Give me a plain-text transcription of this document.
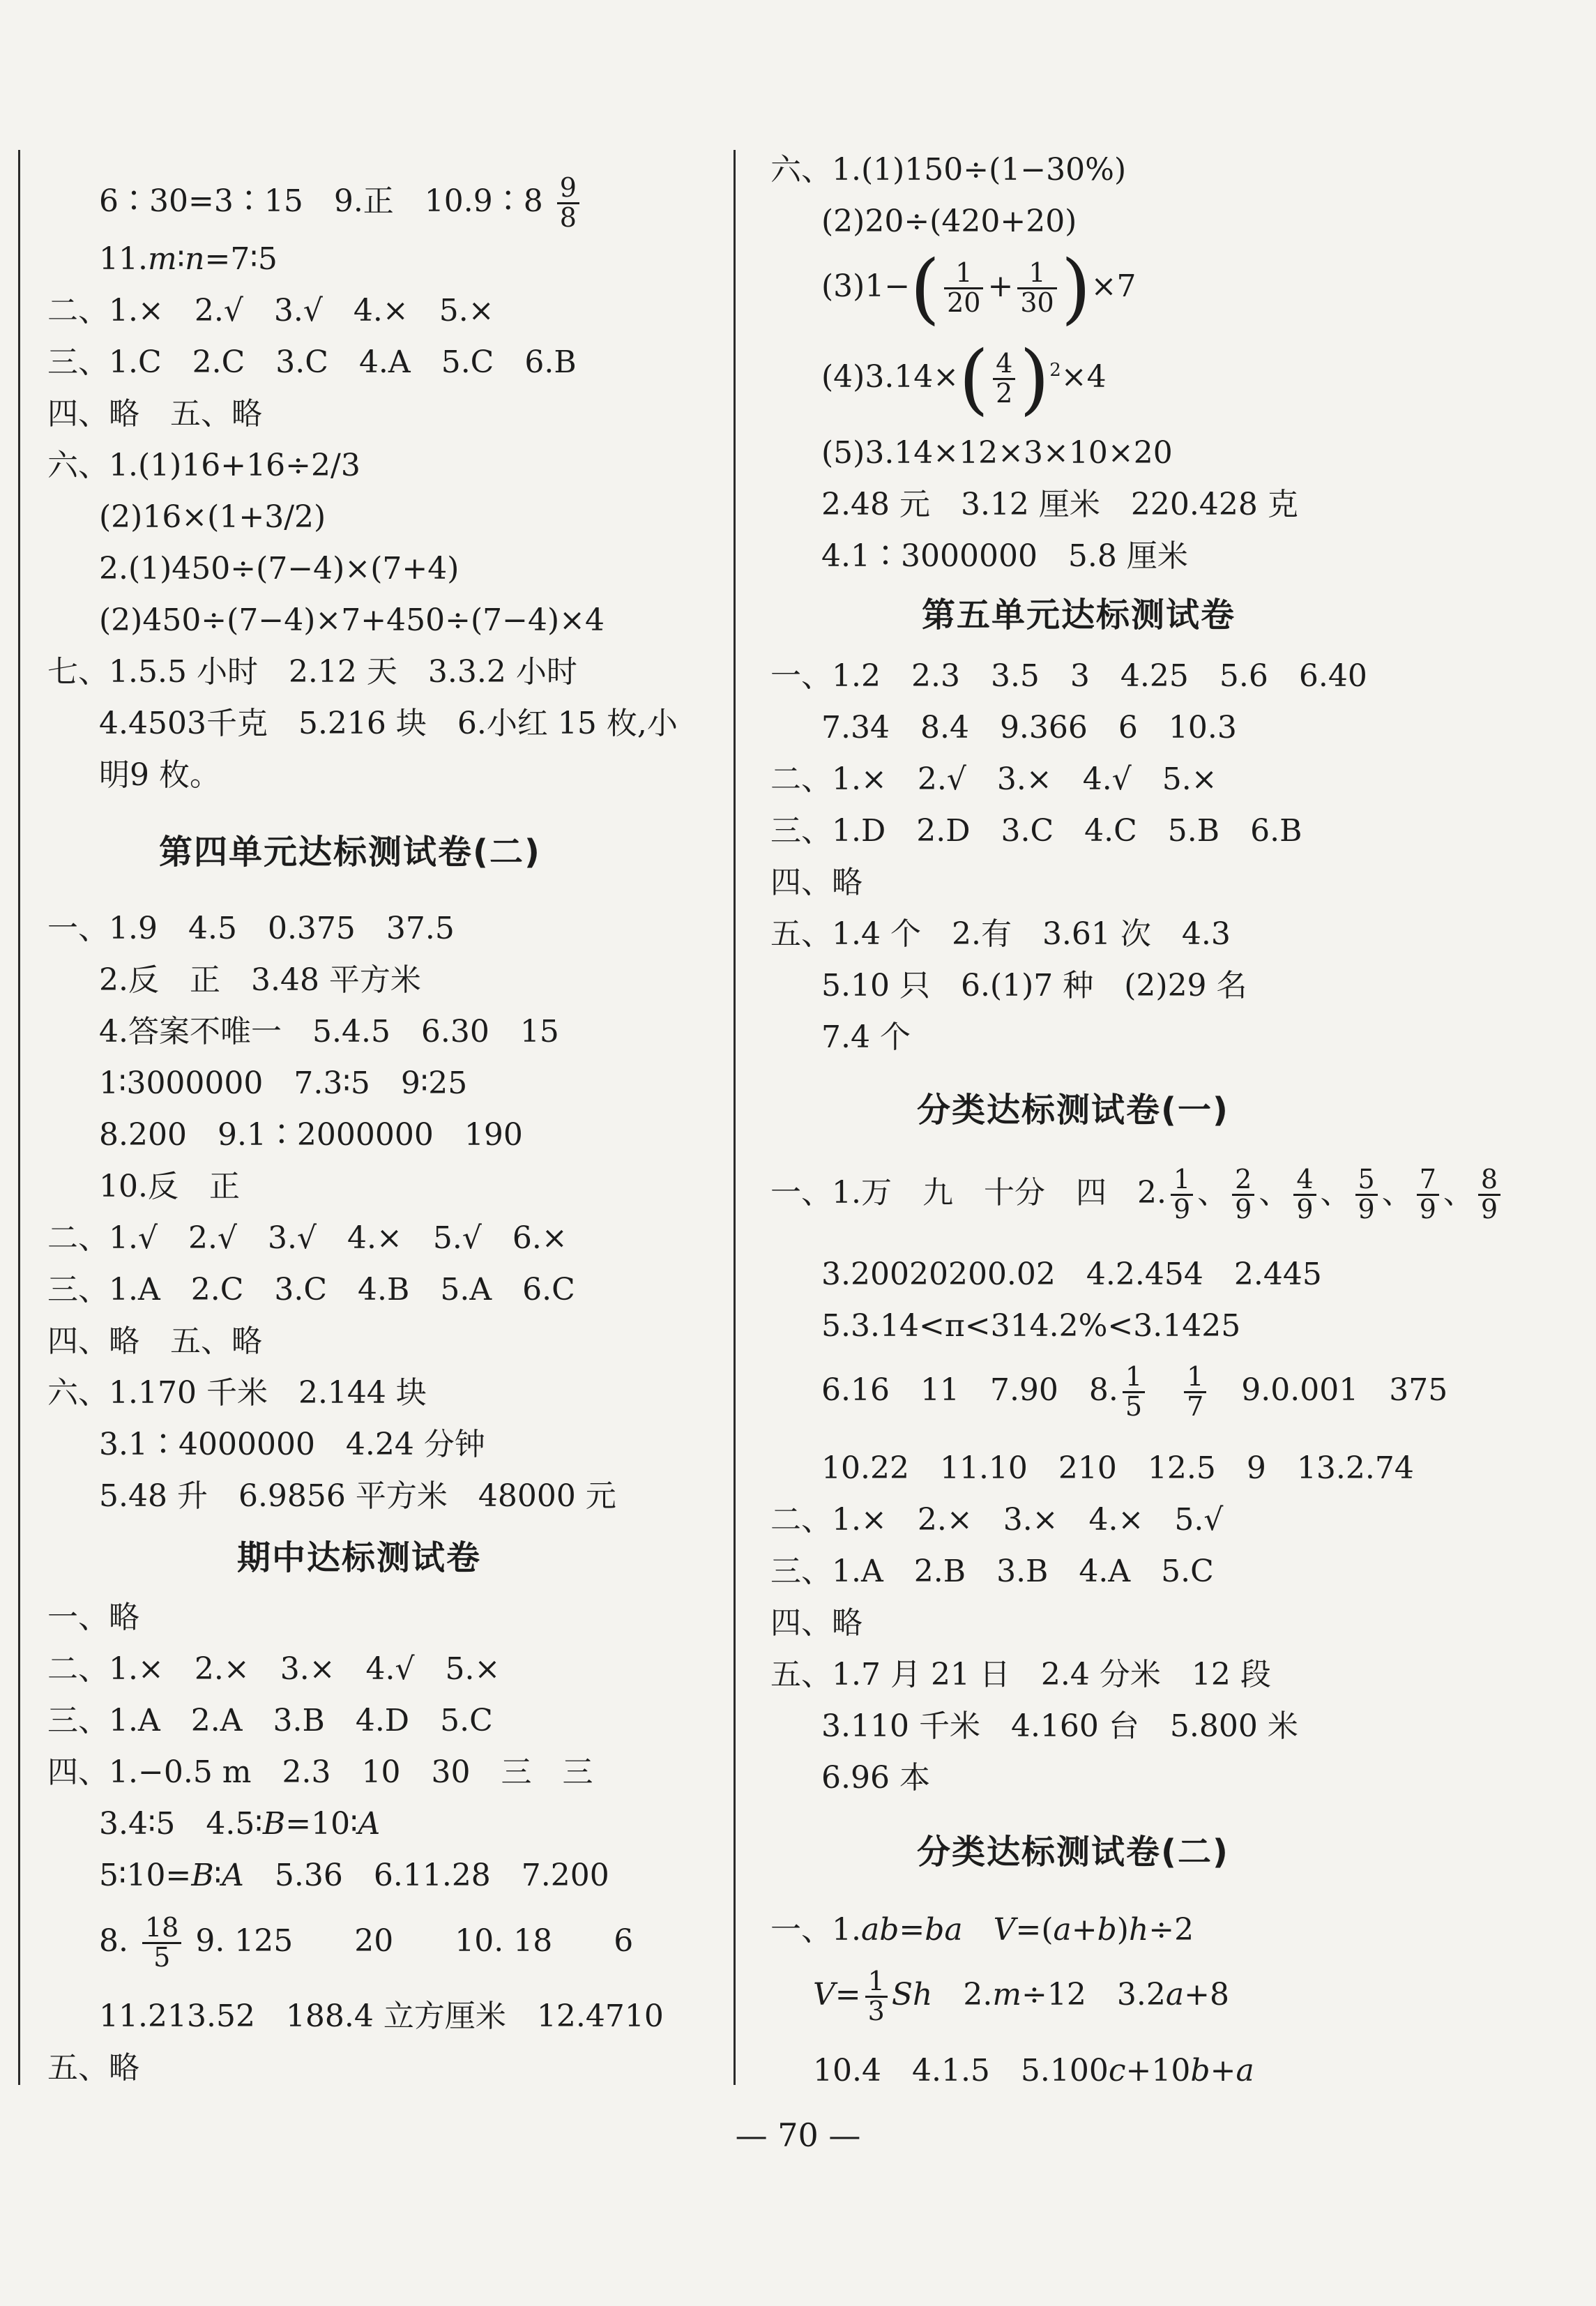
6∶30=3∶15　9.正　10.9∶8 $\frac{9}{8}$
11.m∶n=7∶5
二、1.×　2.√　3.√　4.×　5.×
三、1.C　2.C　3.C　4.A　5.C　6.B
四、略　五、略
六、1.(1)16+16÷2/3
(2)16×(1+3/2)
2.(1)450÷(7−4)×(7+4)
(2)450÷(7−4)×7+450÷(7−4)×4
七、1.5.5 小时　2.12 天　3.3.2 小时
4.4503千克　5.216 块　6.小红 15 枚,小
明9 枚。
第四单元达标测试卷(二)
一、1.9　4.5　0.375　37.5
2.反　正　3.48 平方米
4.答案不唯一　5.4.5　6.30　15
1∶3000000　7.3∶5　9∶25
8.200　9.1∶2000000　190
10.反　正
二、1.√　2.√　3.√　4.×　5.√　6.×
三、1.A　2.C　3.C　4.B　5.A　6.C
四、略　五、略
六、1.170 千米　2.144 块
3.1∶4000000　4.24 分钟
5.48 升　6.9856 平方米　48000 元
期中达标测试卷
一、略
二、1.×　2.×　3.×　4.√　5.×
三、1.A　2.A　3.B　4.D　5.C
四、1.−0.5 m　2.3　10　30　三　三
3.4∶5　4.5∶B=10∶A
5∶10=B∶A　5.36　6.11.28　7.200
8. $\frac{18}{5} 9$. 125　　20　　10. 18　　6
11.213.52　188.4 立方厘米　12.4710
五、略
六、1.(1)150÷(1−30%)
(2)20÷(420+20)
$(3)1-( \frac{1}{20} + \frac{1}{30} )\times 7$
$(4)3.14\times( \frac{4}{2} )^2\times 4$
(5)3.14×12×3×10×20
2.48 元　3.12 厘米　220.428 克
4.1∶3000000　5.8 厘米
第五单元达标测试卷
一、1.2　2.3　3.5　3　4.25　5.6　6.40
7.34　8.4　9.366　6　10.3
二、1.×　2.√　3.×　4.√　5.×
三、1.D　2.D　3.C　4.C　5.B　6.B
四、略
五、1.4 个　2.有　3.61 次　4.3
5.10 只　6.(1)7 种　(2)29 名
7.4 个
分类达标测试卷(一)
一、1.万　九　十分　四　2. $\frac{1}{9}$ 、 $\frac{2}{9}$ 、 $\frac{4}{9}$ 、 $\frac{5}{9}$ 、 $\frac{7}{9}$ 、 $\frac{8}{9}$
3.20020200.02　4.2.454　2.445
5.3.14<π<314.2%<3.1425
6.16　11　7.90　8. $\frac{1}{5}$
　 $\frac{1}{7}$
　 9.0.001　375
10.22　11.10　210　12.5　9　13.2.74
二、1.×　2.×　3.×　4.×　5.√
三、1.A　2.B　3.B　4.A　5.C
四、略
五、1.7 月 21 日　2.4 分米　12 段
3.110 千米　4.160 台　5.800 米
6.96 本
分类达标测试卷(二)
一、1.ab=ba　 V=(a+b)h÷2
$V= \frac{1}{3}$ Sh　2.m÷12　3.2a+8
10.4　4.1.5　5.100c+10b+a
— 70 —
